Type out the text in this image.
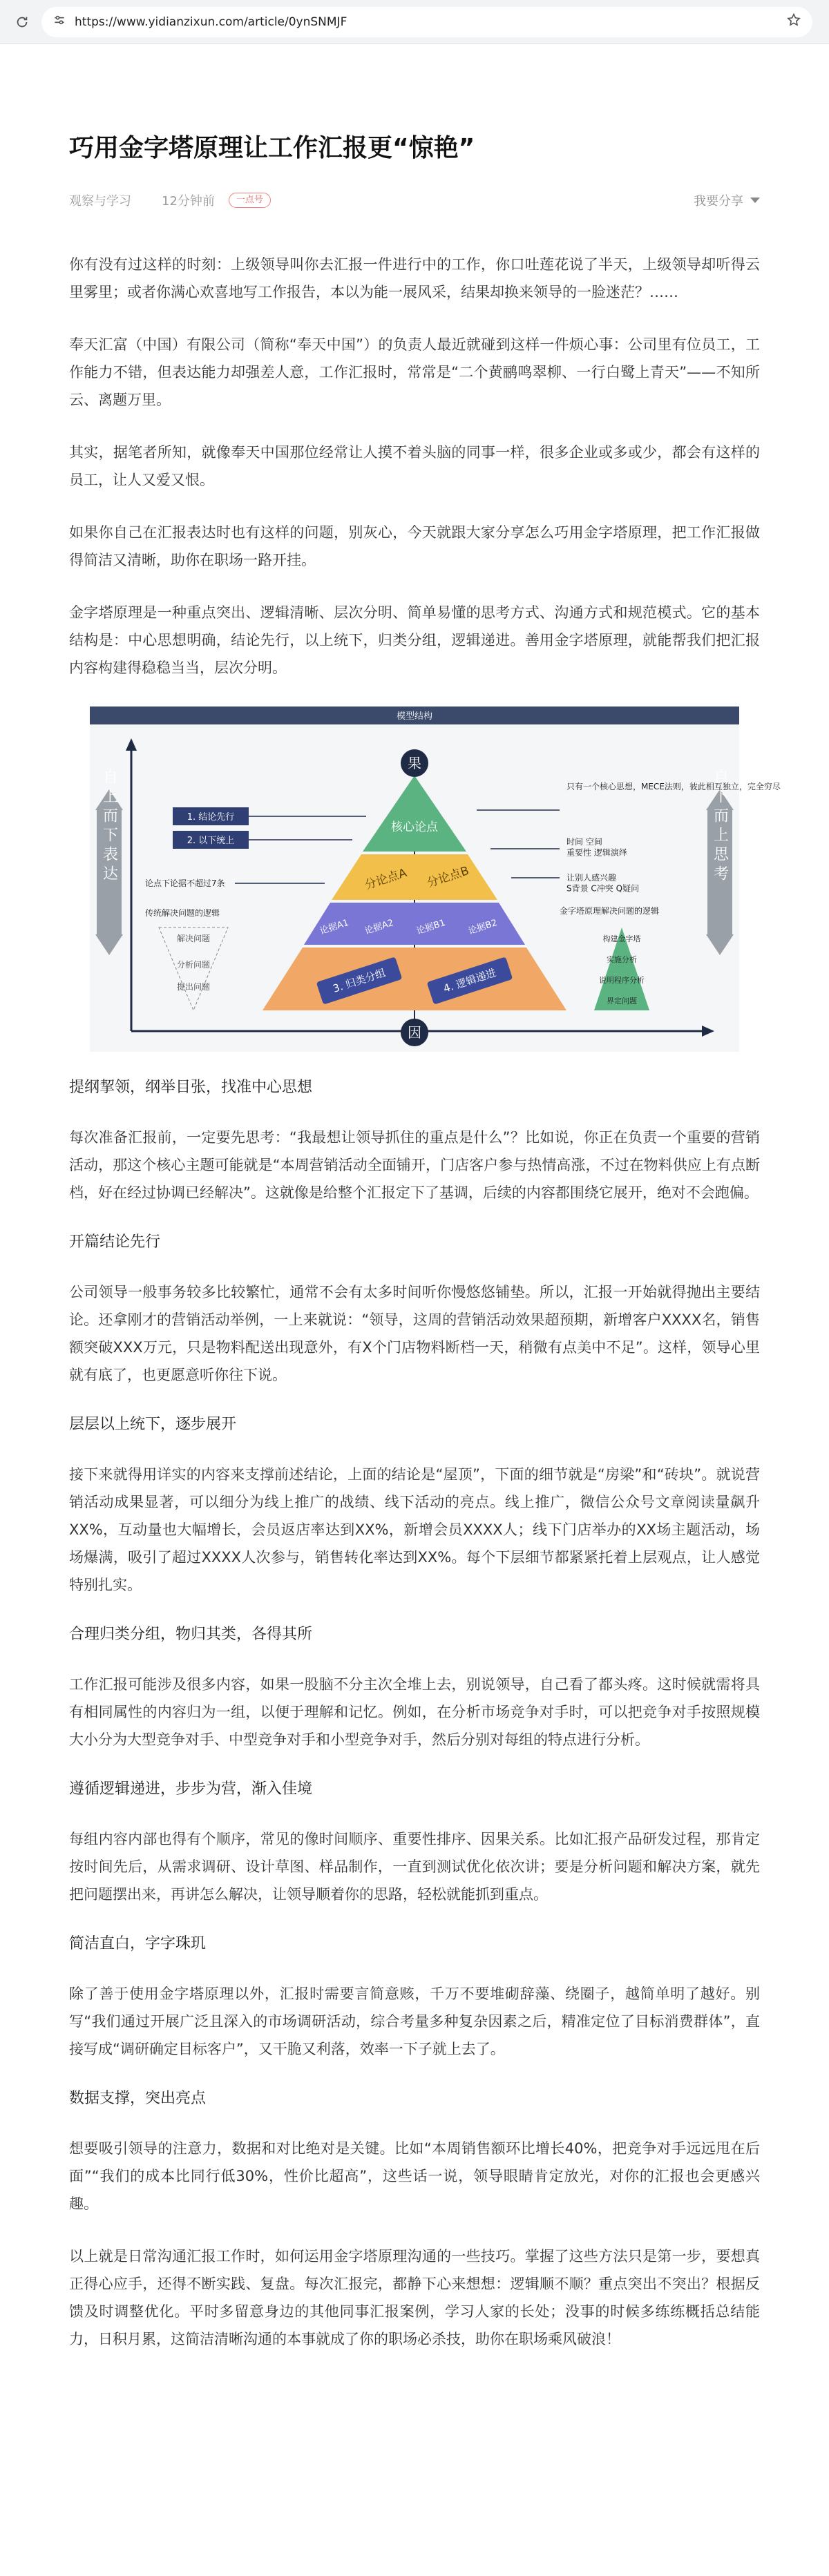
https://www.yidianzixun.com/article/0ynSNMJF
巧用金字塔原理让工作汇报更“惊艳”
观察与学习 12分钟前	一点号	我要分享

你有没有过这样的时刻：上级领导叫你去汇报一件进行中的工作，你口吐莲花说了半天，上级领导却听得云里雾里；或者你满心欢喜地写工作报告，本以为能一展风采，结果却换来领导的一脸迷茫？……

奉天汇富（中国）有限公司（简称“奉天中国”）的负责人最近就碰到这样一件烦心事：公司里有位员工，工作能力不错，但表达能力却强差人意，工作汇报时，常常是“二个黄鹂鸣翠柳、一行白鹭上青天”——不知所云、离题万里。

其实，据笔者所知，就像奉天中国那位经常让人摸不着头脑的同事一样，很多企业或多或少，都会有这样的员工，让人又爱又恨。

如果你自己在汇报表达时也有这样的问题，别灰心，今天就跟大家分享怎么巧用金字塔原理，把工作汇报做得简洁又清晰，助你在职场一路开挂。

金字塔原理是一种重点突出、逻辑清晰、层次分明、简单易懂的思考方式、沟通方式和规范模式。它的基本结构是：中心思想明确，结论先行，以上统下，归类分组，逻辑递进。善用金字塔原理，就能帮我们把汇报内容构建得稳稳当当，层次分明。

模型结构
自上而下表达	自下而上思考
核心论点
分论点A 分论点B
论据A1 论据A2 论据B1 论据B2
3. 归类分组	4. 逻辑递进
果
因
1. 结论先行
2. 以下统上
论点下论据不超过7条
传统解决问题的逻辑
解决问题
分析问题
提出问题
只有一个核心思想，MECE法则，彼此相互独立，完全穷尽
时间 空间重要性 逻辑演绎
让别人感兴趣 S背景 C冲突 Q疑问
金字塔原理解决问题的逻辑
构建金字塔
实施分析
说明程序分析
界定问题
提纲挈领，纲举目张，找准中心思想

每次准备汇报前，一定要先思考：“我最想让领导抓住的重点是什么”？比如说，你正在负责一个重要的营销活动，那这个核心主题可能就是“本周营销活动全面铺开，门店客户参与热情高涨，不过在物料供应上有点断档，好在经过协调已经解决”。这就像是给整个汇报定下了基调，后续的内容都围绕它展开，绝对不会跑偏。

开篇结论先行

公司领导一般事务较多比较繁忙，通常不会有太多时间听你慢悠悠铺垫。所以，汇报一开始就得抛出主要结论。还拿刚才的营销活动举例，一上来就说：“领导，这周的营销活动效果超预期，新增客户XXXX名，销售额突破XXX万元，只是物料配送出现意外，有X个门店物料断档一天，稍微有点美中不足”。这样，领导心里就有底了，也更愿意听你往下说。

层层以上统下，逐步展开

接下来就得用详实的内容来支撑前述结论，上面的结论是“屋顶”，下面的细节就是“房梁”和“砖块”。就说营销活动成果显著，可以细分为线上推广的战绩、线下活动的亮点。线上推广，微信公众号文章阅读量飙升XX%，互动量也大幅增长，会员返店率达到XX%，新增会员XXXX人；线下门店举办的XX场主题活动，场场爆满，吸引了超过XXXX人次参与，销售转化率达到XX%。每个下层细节都紧紧托着上层观点，让人感觉特别扎实。

合理归类分组，物归其类，各得其所

工作汇报可能涉及很多内容，如果一股脑不分主次全堆上去，别说领导，自己看了都头疼。这时候就需将具有相同属性的内容归为一组，以便于理解和记忆。例如，在分析市场竞争对手时，可以把竞争对手按照规模大小分为大型竞争对手、中型竞争对手和小型竞争对手，然后分别对每组的特点进行分析。

遵循逻辑递进，步步为营，渐入佳境

每组内容内部也得有个顺序，常见的像时间顺序、重要性排序、因果关系。比如汇报产品研发过程，那肯定按时间先后，从需求调研、设计草图、样品制作，一直到测试优化依次讲；要是分析问题和解决方案，就先把问题摆出来，再讲怎么解决，让领导顺着你的思路，轻松就能抓到重点。

简洁直白，字字珠玑

除了善于使用金字塔原理以外，汇报时需要言简意赅，千万不要堆砌辞藻、绕圈子，越简单明了越好。别写“我们通过开展广泛且深入的市场调研活动，综合考量多种复杂因素之后，精准定位了目标消费群体”，直接写成“调研确定目标客户”，又干脆又利落，效率一下子就上去了。

数据支撑，突出亮点

想要吸引领导的注意力，数据和对比绝对是关键。比如“本周销售额环比增长40%，把竞争对手远远甩在后面”“我们的成本比同行低30%，性价比超高”，这些话一说，领导眼睛肯定放光，对你的汇报也会更感兴趣。

以上就是日常沟通汇报工作时，如何运用金字塔原理沟通的一些技巧。掌握了这些方法只是第一步，要想真正得心应手，还得不断实践、复盘。每次汇报完，都静下心来想想：逻辑顺不顺？重点突出不突出？根据反馈及时调整优化。平时多留意身边的其他同事汇报案例，学习人家的长处；没事的时候多练练概括总结能力，日积月累，这简洁清晰沟通的本事就成了你的职场必杀技，助你在职场乘风破浪！
